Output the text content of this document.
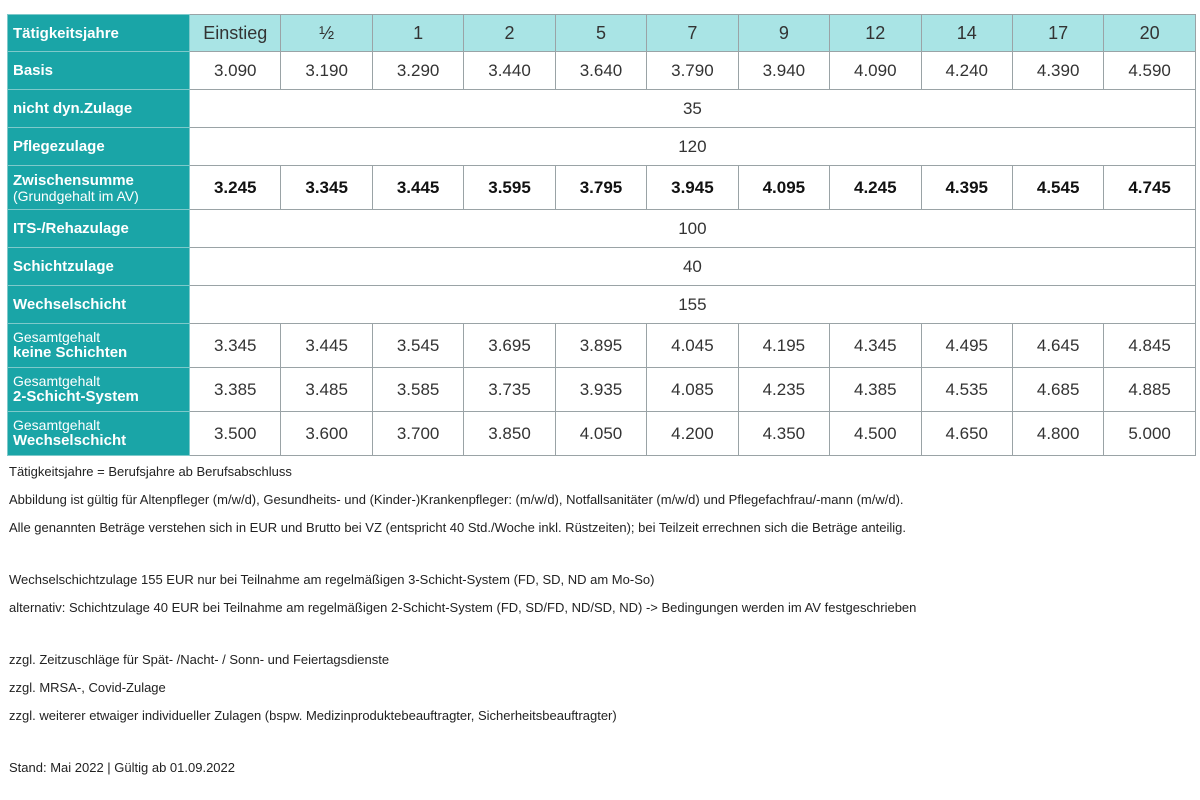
Tätigkeitsjahre	Einstieg	½	1	2	5	7	9	12	14	17	20
Basis	3.090	3.190	3.290	3.440	3.640	3.790	3.940	4.090	4.240	4.390	4.590
nicht dyn.Zulage	35										
Pflegezulage	120										

Zwischensumme
(Grundgehalt im AV)	3.245	3.345	3.445	3.595	3.795	3.945	4.095	4.245	4.395	4.545	4.745
ITS-/Rehazulage	100										
Schichtzulage	40										
Wechselschicht	155										

Gesamtgehalt
keine Schichten	3.345	3.445	3.545	3.695	3.895	4.045	4.195	4.345	4.495	4.645	4.845

Gesamtgehalt
2-Schicht-System	3.385	3.485	3.585	3.735	3.935	4.085	4.235	4.385	4.535	4.685	4.885

Gesamtgehalt
Wechselschicht	3.500	3.600	3.700	3.850	4.050	4.200	4.350	4.500	4.650	4.800	5.000

Tätigkeitsjahre = Berufsjahre ab Berufsabschluss

Abbildung ist gültig für Altenpfleger (m/w/d), Gesundheits- und (Kinder-)Krankenpfleger: (m/w/d), Notfallsanitäter (m/w/d) und Pflegefachfrau/-mann (m/w/d).

Alle genannten Beträge verstehen sich in EUR und Brutto bei VZ (entspricht 40 Std./Woche inkl. Rüstzeiten); bei Teilzeit errechnen sich die Beträge anteilig.

Wechselschichtzulage 155 EUR nur bei Teilnahme am regelmäßigen 3-Schicht-System (FD, SD, ND am Mo-So)

alternativ: Schichtzulage 40 EUR bei Teilnahme am regelmäßigen 2-Schicht-System (FD, SD/FD, ND/SD, ND) -> Bedingungen werden im AV festgeschrieben

zzgl. Zeitzuschläge für Spät- /Nacht- / Sonn- und Feiertagsdienste

zzgl. MRSA-, Covid-Zulage

zzgl. weiterer etwaiger individueller Zulagen (bspw. Medizinproduktebeauftragter, Sicherheitsbeauftragter)

Stand: Mai 2022 | Gültig ab 01.09.2022
